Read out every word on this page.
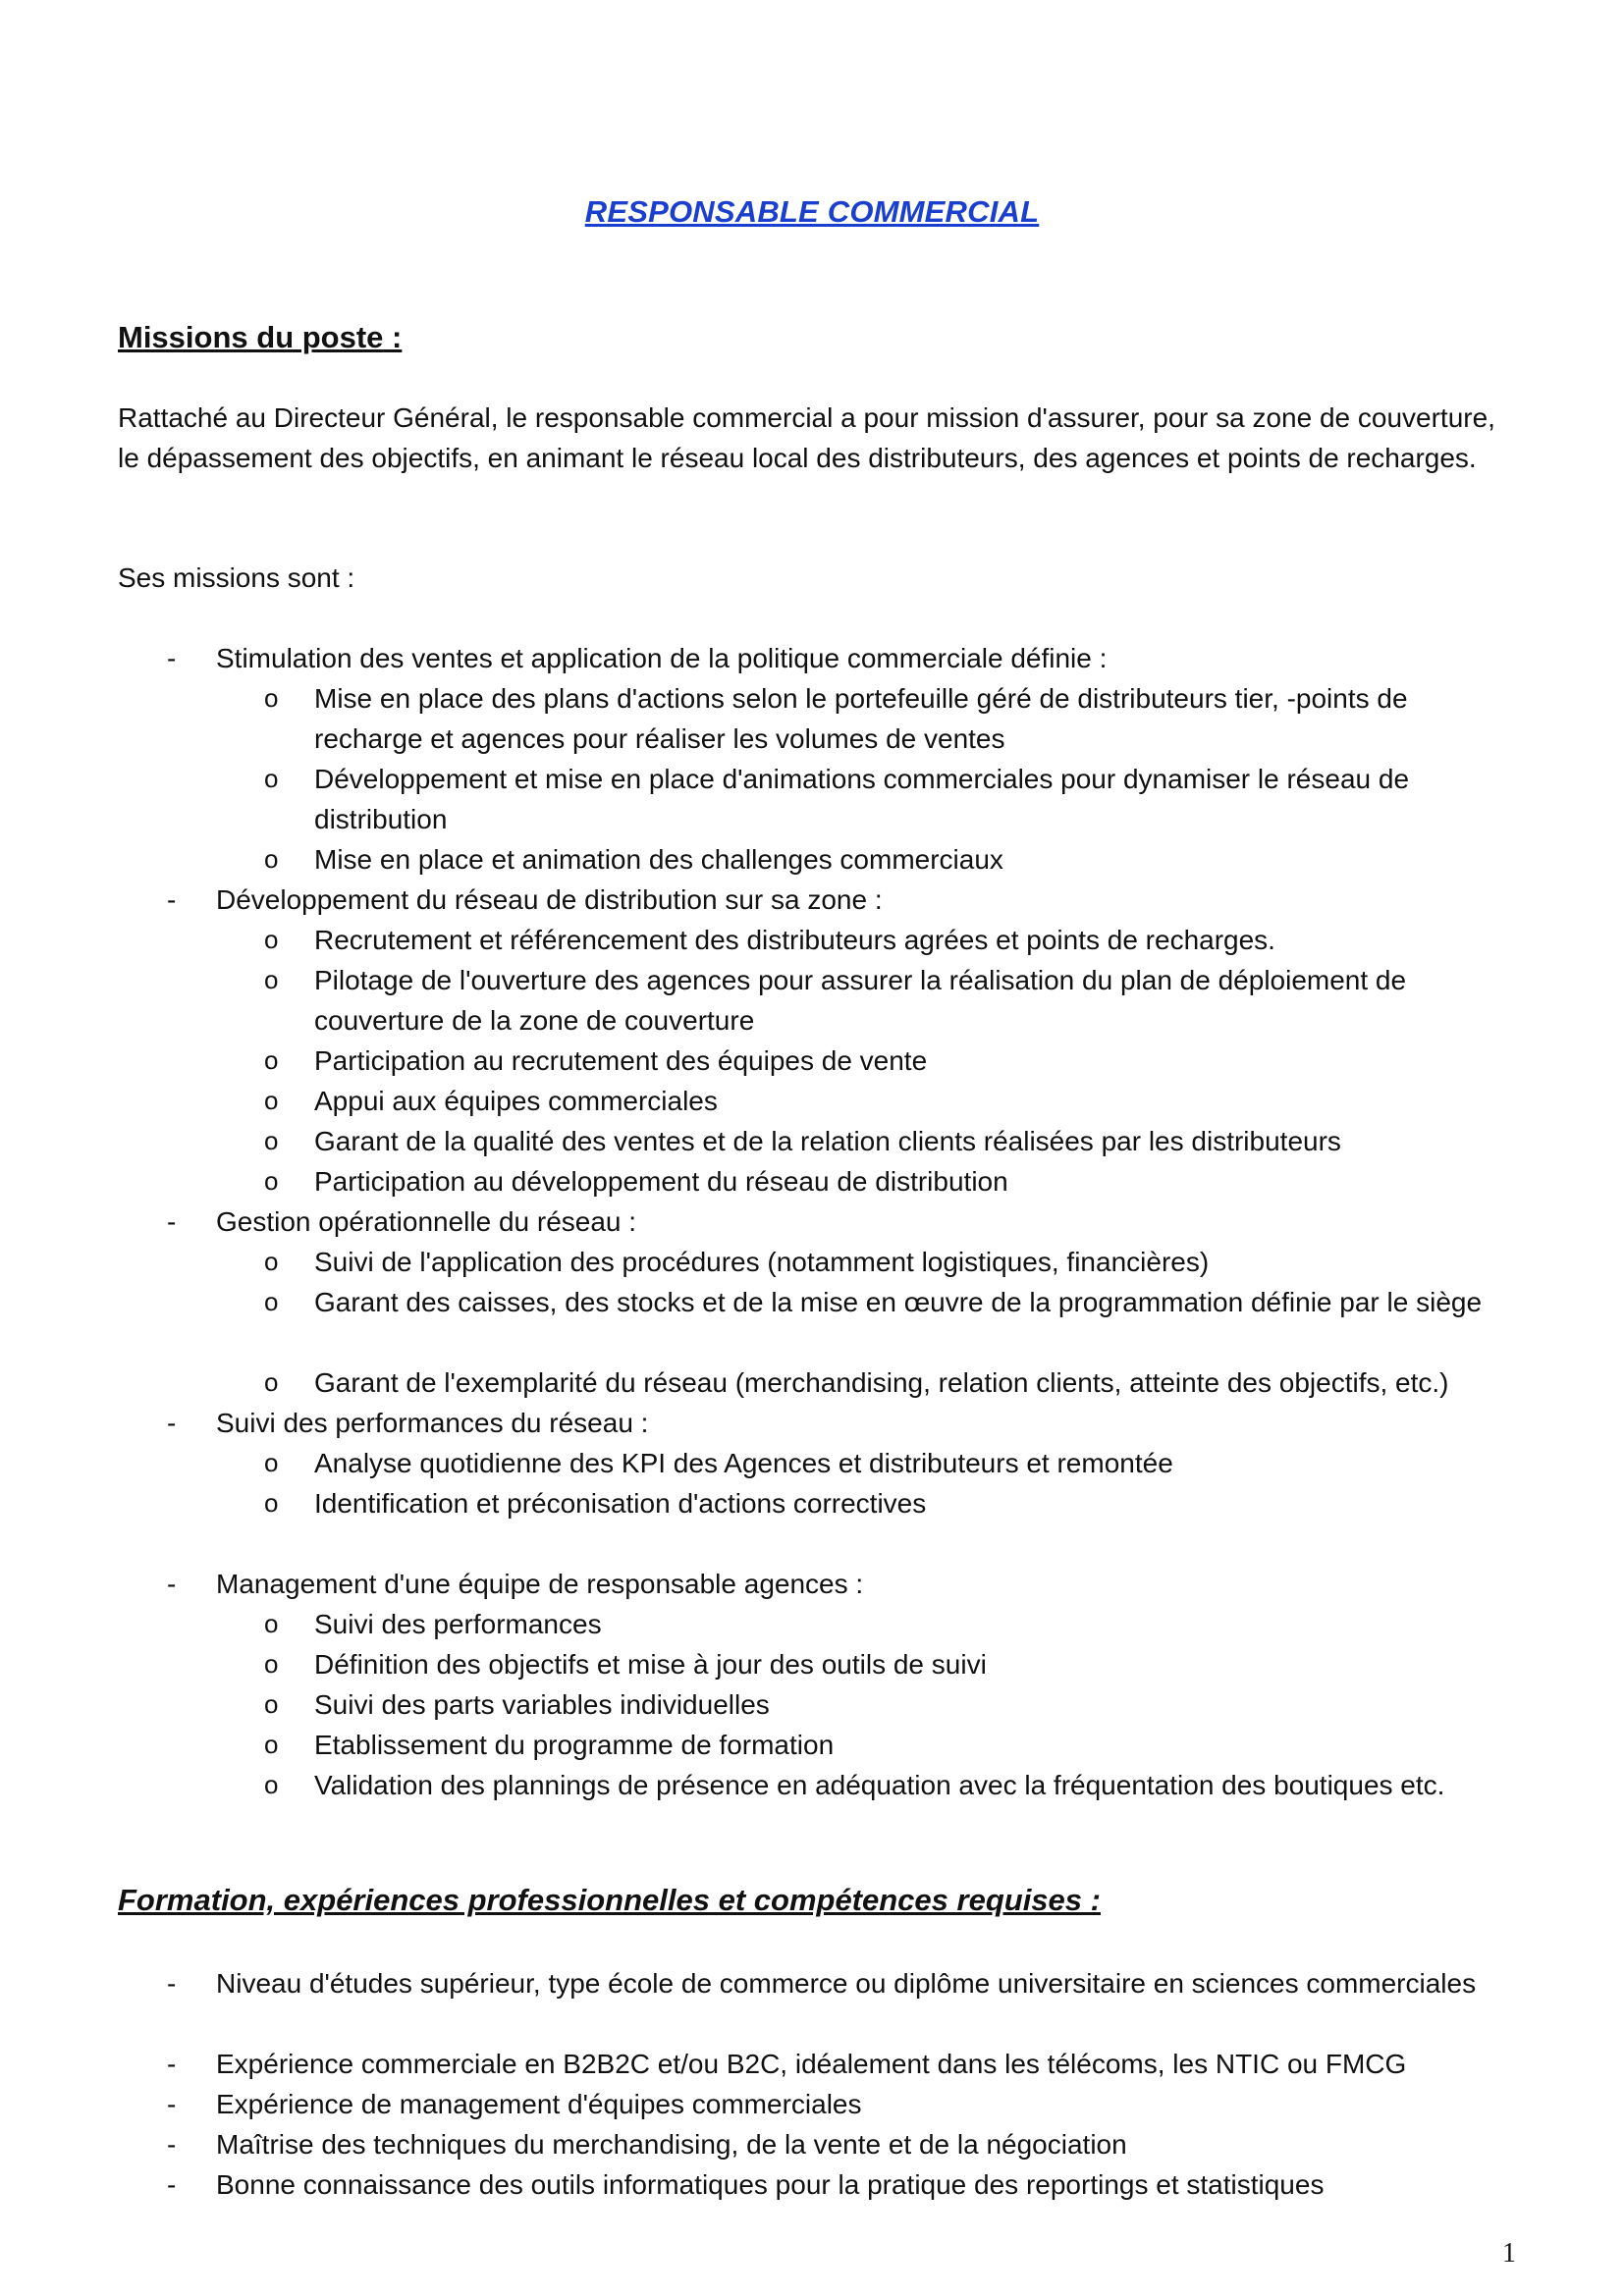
RESPONSABLE COMMERCIAL
Missions du poste :
Rattaché au Directeur Général, le responsable commercial a pour mission d'assurer, pour sa zone de couverture, le dépassement des objectifs, en animant le réseau local des distributeurs, des agences et points de recharges.
Ses missions sont :
- Stimulation des ventes et application de la politique commerciale définie :
o Mise en place des plans d'actions selon le portefeuille géré de distributeurs tier, -points de recharge et agences pour réaliser les volumes de ventes
o Développement et mise en place d'animations commerciales pour dynamiser le réseau de distribution
o Mise en place et animation des challenges commerciaux
- Développement du réseau de distribution sur sa zone :
o Recrutement et référencement des distributeurs agrées et points de recharges.
o Pilotage de l'ouverture des agences pour assurer la réalisation du plan de déploiement de couverture de la zone de couverture
o Participation au recrutement des équipes de vente
o Appui aux équipes commerciales
o Garant de la qualité des ventes et de la relation clients réalisées par les distributeurs
o Participation au développement du réseau de distribution
- Gestion opérationnelle du réseau :
o Suivi de l'application des procédures (notamment logistiques, financières)
o Garant des caisses, des stocks et de la mise en œuvre de la programmation définie par le siège
o Garant de l'exemplarité du réseau (merchandising, relation clients, atteinte des objectifs, etc.)
- Suivi des performances du réseau :
o Analyse quotidienne des KPI des Agences et distributeurs et remontée
o Identification et préconisation d'actions correctives
- Management d'une équipe de responsable agences :
o Suivi des performances
o Définition des objectifs et mise à jour des outils de suivi
o Suivi des parts variables individuelles
o Etablissement du programme de formation
o Validation des plannings de présence en adéquation avec la fréquentation des boutiques etc.
Formation, expériences professionnelles et compétences requises :
- Niveau d'études supérieur, type école de commerce ou diplôme universitaire en sciences commerciales
- Expérience commerciale en B2B2C et/ou B2C, idéalement dans les télécoms, les NTIC ou FMCG
- Expérience de management d'équipes commerciales
- Maîtrise des techniques du merchandising, de la vente et de la négociation
- Bonne connaissance des outils informatiques pour la pratique des reportings et statistiques
1
